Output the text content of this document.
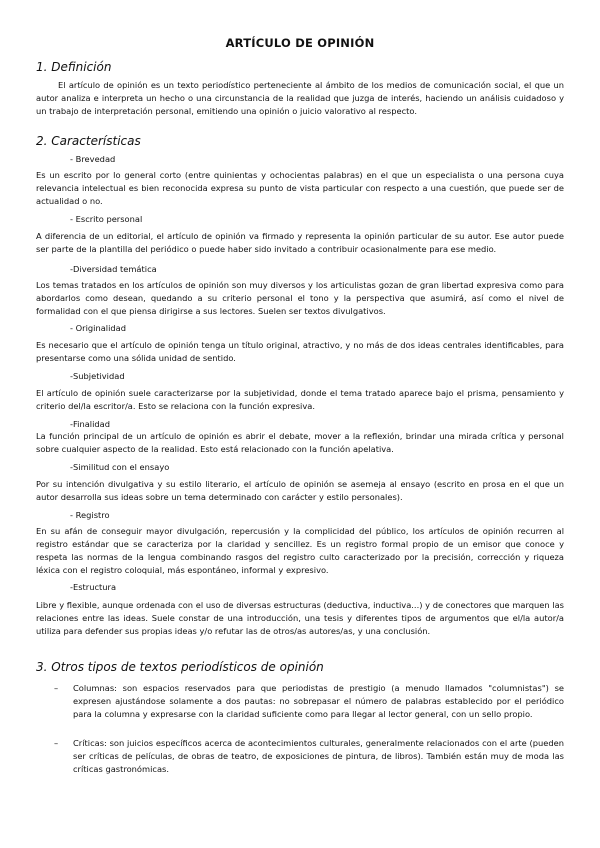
ARTÍCULO DE OPINIÓN
1. Definición

El artículo de opinión es un texto periodístico perteneciente al ámbito de los medios de comunicación social, el que un autor analiza e interpreta un hecho o una circunstancia de la realidad que juzga de interés, haciendo un análisis cuidadoso y un trabajo de interpretación personal, emitiendo una opinión o juicio valorativo al respecto.

2. Características
- Brevedad

Es un escrito por lo general corto (entre quinientas y ochocientas palabras) en el que un especialista o una persona cuya relevancia intelectual es bien reconocida expresa su punto de vista particular con respecto a una cuestión, que puede ser de actualidad o no.

- Escrito personal

A diferencia de un editorial, el artículo de opinión va firmado y representa la opinión particular de su autor. Ese autor puede ser parte de la plantilla del periódico o puede haber sido invitado a contribuir ocasionalmente para ese medio.

-Diversidad temática

Los temas tratados en los artículos de opinión son muy diversos y los articulistas gozan de gran libertad expresiva como para abordarlos como desean, quedando a su criterio personal el tono y la perspectiva que asumirá, así como el nivel de formalidad con el que piensa dirigirse a sus lectores. Suelen ser textos divulgativos.

- Originalidad

Es necesario que el artículo de opinión tenga un título original, atractivo, y no más de dos ideas centrales identificables, para presentarse como una sólida unidad de sentido.

-Subjetividad

El artículo de opinión suele caracterizarse por la subjetividad, donde el tema tratado aparece bajo el prisma, pensamiento y criterio del/la escritor/a. Esto se relaciona con la función expresiva.

-Finalidad

La función principal de un artículo de opinión es abrir el debate, mover a la reflexión, brindar una mirada crítica y personal sobre cualquier aspecto de la realidad. Esto está relacionado con la función apelativa.

-Similitud con el ensayo

Por su intención divulgativa y su estilo literario, el artículo de opinión se asemeja al ensayo (escrito en prosa en el que un autor desarrolla sus ideas sobre un tema determinado con carácter y estilo personales).

- Registro

En su afán de conseguir mayor divulgación, repercusión y la complicidad del público, los artículos de opinión recurren al registro estándar que se caracteriza por la claridad y sencillez. Es un registro formal propio de un emisor que conoce y respeta las normas de la lengua combinando rasgos del registro culto caracterizado por la precisión, corrección y riqueza léxica con el registro coloquial, más espontáneo, informal y expresivo.

-Estructura

Libre y flexible, aunque ordenada con el uso de diversas estructuras (deductiva, inductiva...) y de conectores que marquen las relaciones entre las ideas. Suele constar de una introducción, una tesis y diferentes tipos de argumentos que el/la autor/a utiliza para defender sus propias ideas y/o refutar las de otros/as autores/as, y una conclusión.

3. Otros tipos de textos periodísticos de opinión
– Columnas: son espacios reservados para que periodistas de prestigio (a menudo llamados "columnistas") se expresen ajustándose solamente a dos pautas: no sobrepasar el número de palabras establecido por el periódico para la columna y expresarse con la claridad suficiente como para llegar al lector general, con un sello propio.

– Críticas: son juicios específicos acerca de acontecimientos culturales, generalmente relacionados con el arte (pueden ser críticas de películas, de obras de teatro, de exposiciones de pintura, de libros). También están muy de moda las críticas gastronómicas.
